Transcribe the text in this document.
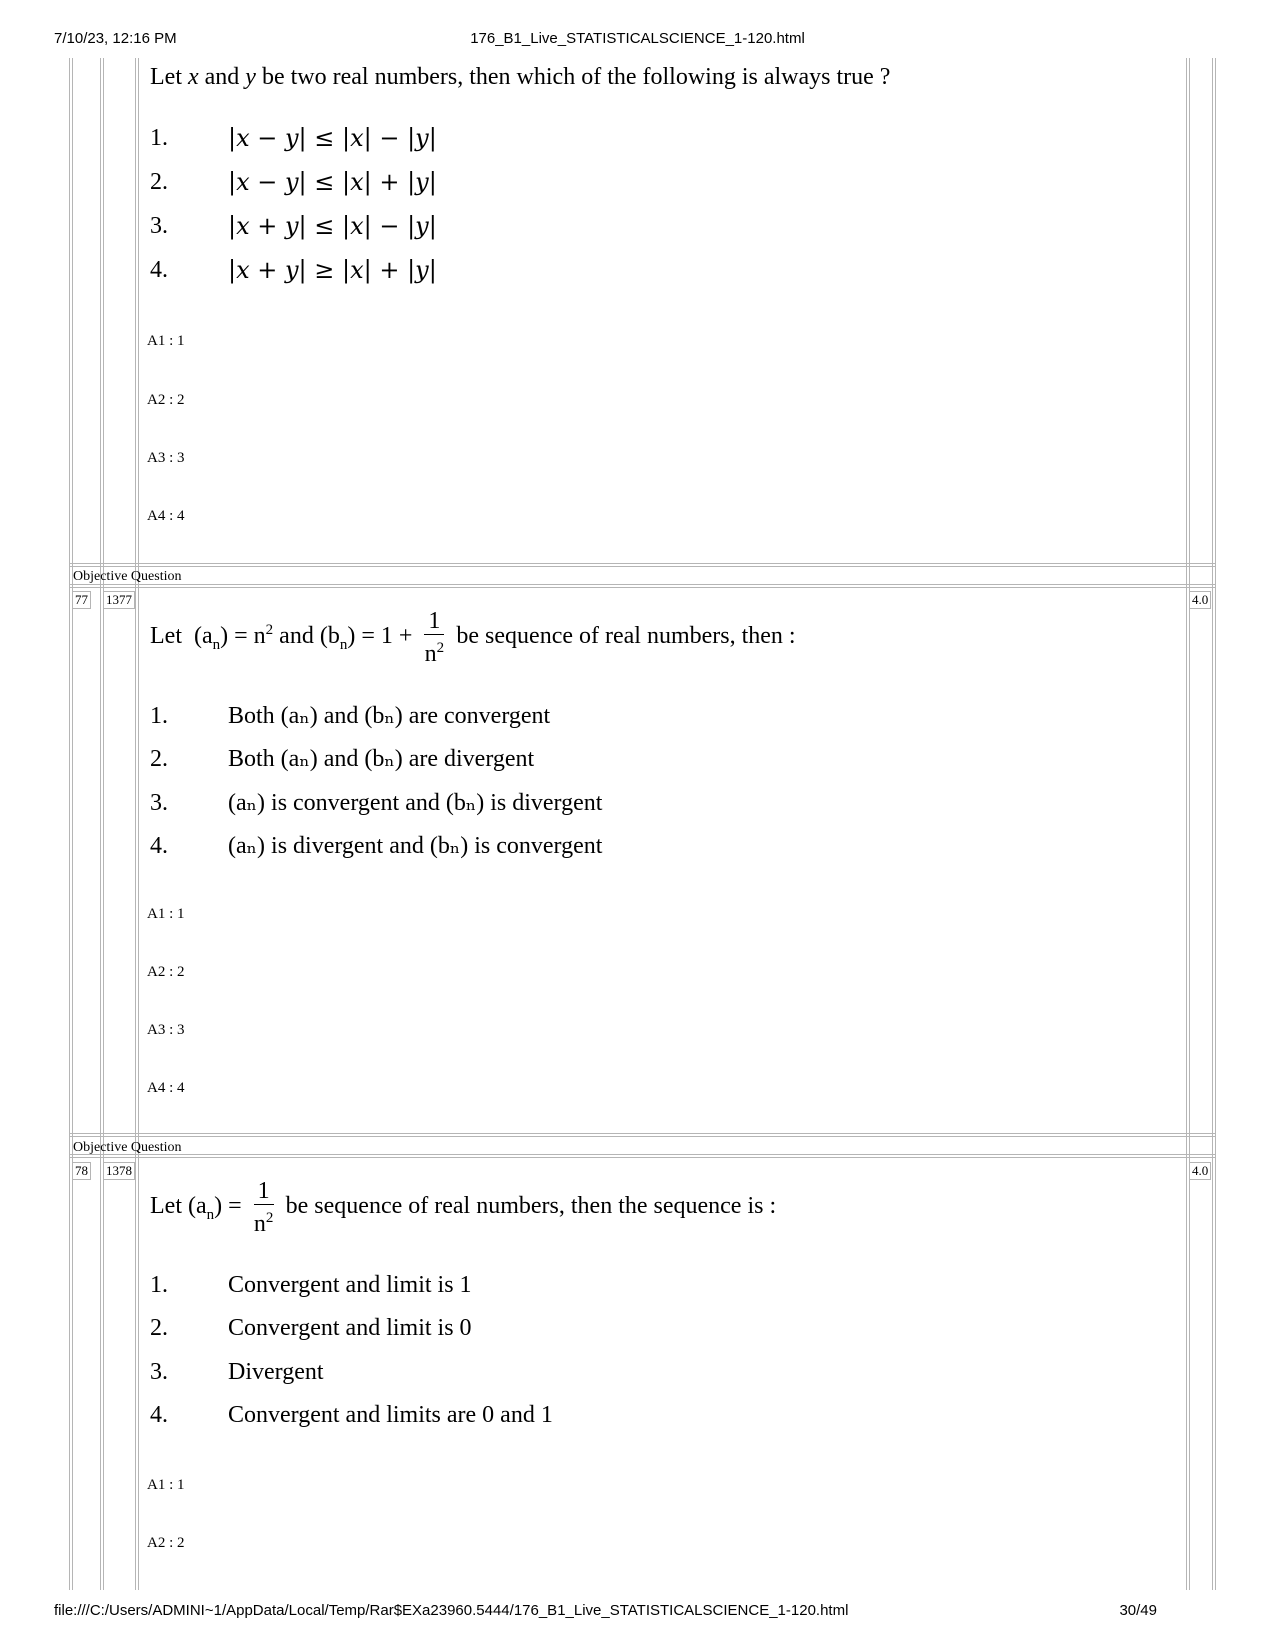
7/10/23, 12:16 PM	176_B1_Live_STATISTICALSCIENCE_1-120.html
Let x and y be two real numbers, then which of the following is always true ?
1.	|x − y| ≤ |x| − |y|
2.	|x − y| ≤ |x| + |y|
3.	|x + y| ≤ |x| − |y|
4.	|x + y| ≥ |x| + |y|
A1 : 1
A2 : 2
A3 : 3
A4 : 4
Objective Question
77 1377	4.0
Let $(a_n) = n^2$ and $(b_n) = 1 + \frac{1}{n^2}$ be sequence of real numbers, then :
1.	Both (aₙ) and (bₙ) are convergent
2.	Both (aₙ) and (bₙ) are divergent
3.	(aₙ) is convergent and (bₙ) is divergent
4.	(aₙ) is divergent and (bₙ) is convergent
A1 : 1
A2 : 2
A3 : 3
A4 : 4
Objective Question
78 1378	4.0
Let $(a_n) = \frac{1}{n^2}$ be sequence of real numbers, then the sequence is :
1.	Convergent and limit is 1
2.	Convergent and limit is 0
3.	Divergent
4.	Convergent and limits are 0 and 1
A1 : 1
A2 : 2
file:///C:/Users/ADMINI~1/AppData/Local/Temp/Rar$EXa23960.5444/176_B1_Live_STATISTICALSCIENCE_1-120.html	30/49
